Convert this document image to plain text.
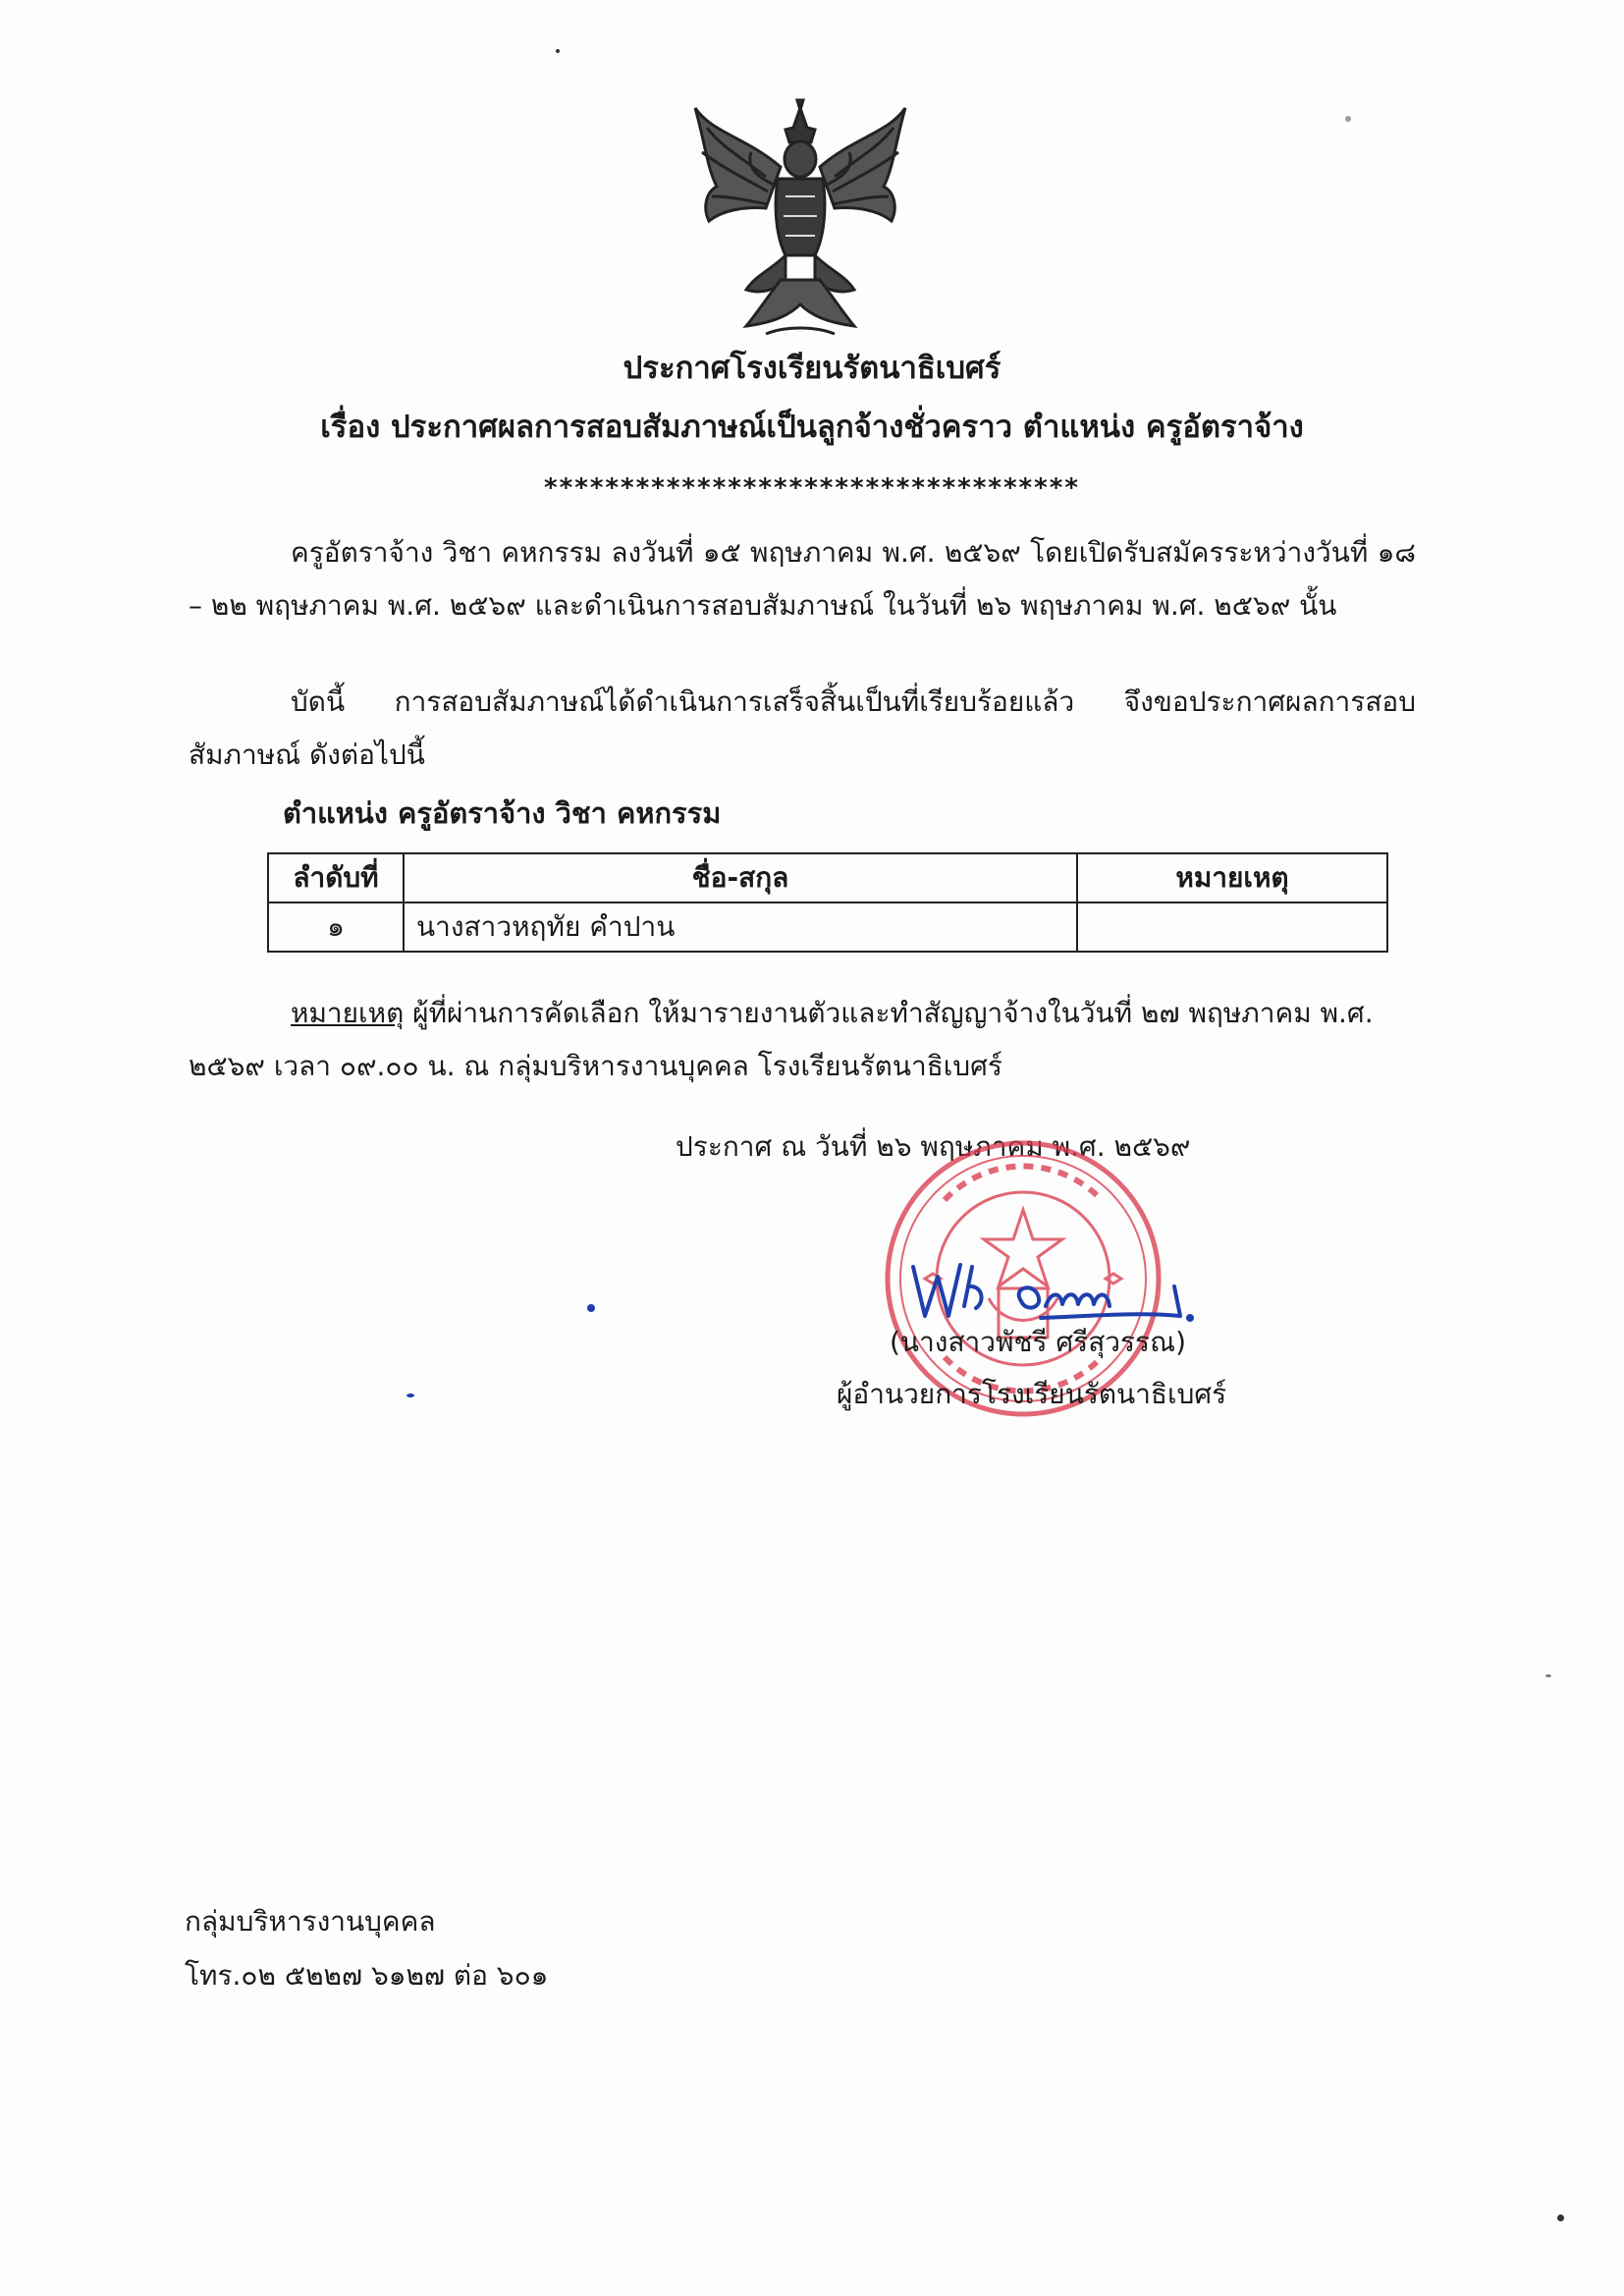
ประกาศโรงเรียนรัตนาธิเบศร์
เรื่อง ประกาศผลการสอบสัมภาษณ์เป็นลูกจ้างชั่วคราว ตำแหน่ง ครูอัตราจ้าง
***********************************

ครูอัตราจ้าง วิชา คหกรรม ลงวันที่ ๑๕ พฤษภาคม พ.ศ. ๒๕๖๙ โดยเปิดรับสมัครระหว่างวันที่ ๑๘ – ๒๒ พฤษภาคม พ.ศ. ๒๕๖๙ และดำเนินการสอบสัมภาษณ์ ในวันที่ ๒๖ พฤษภาคม พ.ศ. ๒๕๖๙ นั้น

บัดนี้ การสอบสัมภาษณ์ได้ดำเนินการเสร็จสิ้นเป็นที่เรียบร้อยแล้ว จึงขอประกาศผลการสอบสัมภาษณ์ ดังต่อไปนี้

ตำแหน่ง ครูอัตราจ้าง วิชา คหกรรม
ลำดับที่	ชื่อ-สกุล	หมายเหตุ
๑	นางสาวหฤทัย คำปาน	

หมายเหตุ ผู้ที่ผ่านการคัดเลือก ให้มารายงานตัวและทำสัญญาจ้างในวันที่ ๒๗ พฤษภาคม พ.ศ. ๒๕๖๙ เวลา ๐๙.๐๐ น. ณ กลุ่มบริหารงานบุคคล โรงเรียนรัตนาธิเบศร์

ประกาศ ณ วันที่ ๒๖ พฤษภาคม พ.ศ. ๒๕๖๙
(นางสาวพัชรี ศรีสุวรรณ)
ผู้อำนวยการโรงเรียนรัตนาธิเบศร์
กลุ่มบริหารงานบุคคล
โทร.๐๒ ๕๒๒๗ ๖๑๒๗ ต่อ ๖๐๑
